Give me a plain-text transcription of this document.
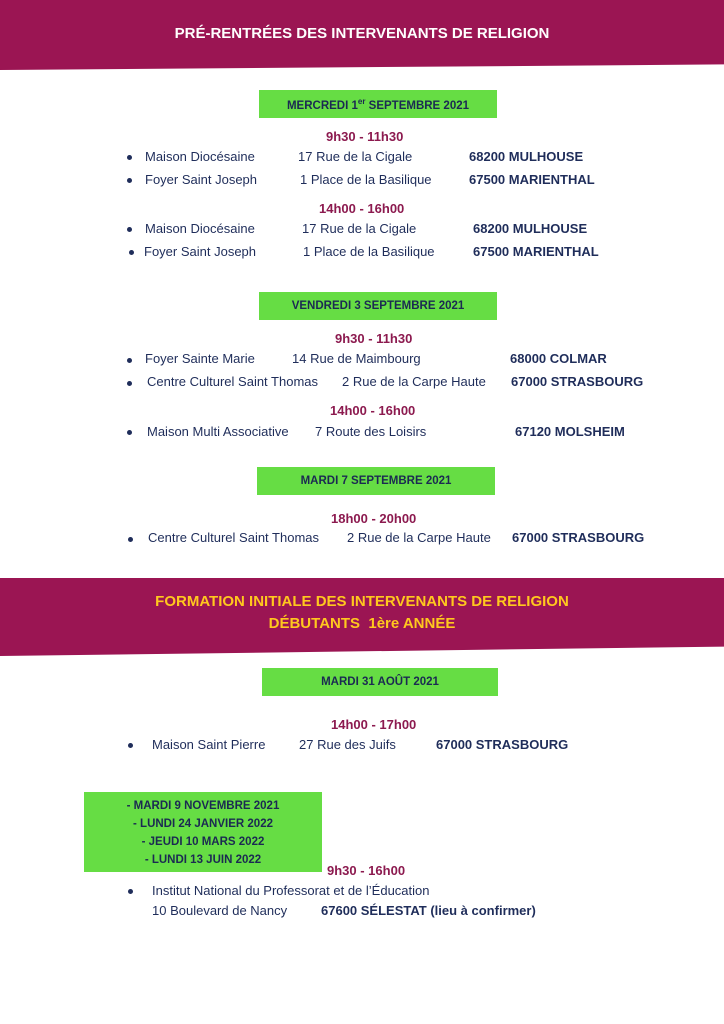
PRÉ-RENTRÉES DES INTERVENANTS DE RELIGION
MERCREDI 1er SEPTEMBRE 2021
9h30 - 11h30
Maison Diocésaine	17 Rue de la Cigale	68200 MULHOUSE
Foyer Saint Joseph	1 Place de la Basilique	67500 MARIENTHAL
14h00 - 16h00
Maison Diocésaine	17 Rue de la Cigale	68200 MULHOUSE
Foyer Saint Joseph	1 Place de la Basilique	67500 MARIENTHAL
VENDREDI 3 SEPTEMBRE 2021
9h30 - 11h30
Foyer Sainte Marie	14 Rue de Maimbourg	68000 COLMAR
Centre Culturel Saint Thomas 2 Rue de la Carpe Haute 67000 STRASBOURG
14h00 - 16h00
Maison Multi Associative 7 Route des Loisirs	67120 MOLSHEIM
MARDI 7 SEPTEMBRE 2021
18h00 - 20h00
Centre Culturel Saint Thomas 2 Rue de la Carpe Haute 67000 STRASBOURG
FORMATION INITIALE DES INTERVENANTS DE RELIGION
DÉBUTANTS  1ère ANNÉE
MARDI 31 AOÛT 2021
14h00 - 17h00
Maison Saint Pierre	27 Rue des Juifs	67000 STRASBOURG
- MARDI 9 NOVEMBRE 2021
- LUNDI 24 JANVIER 2022
- JEUDI 10 MARS 2022
- LUNDI 13 JUIN 2022
9h30 - 16h00
Institut National du Professorat et de l’Éducation
10 Boulevard de Nancy	67600 SÉLESTAT (lieu à confirmer)
